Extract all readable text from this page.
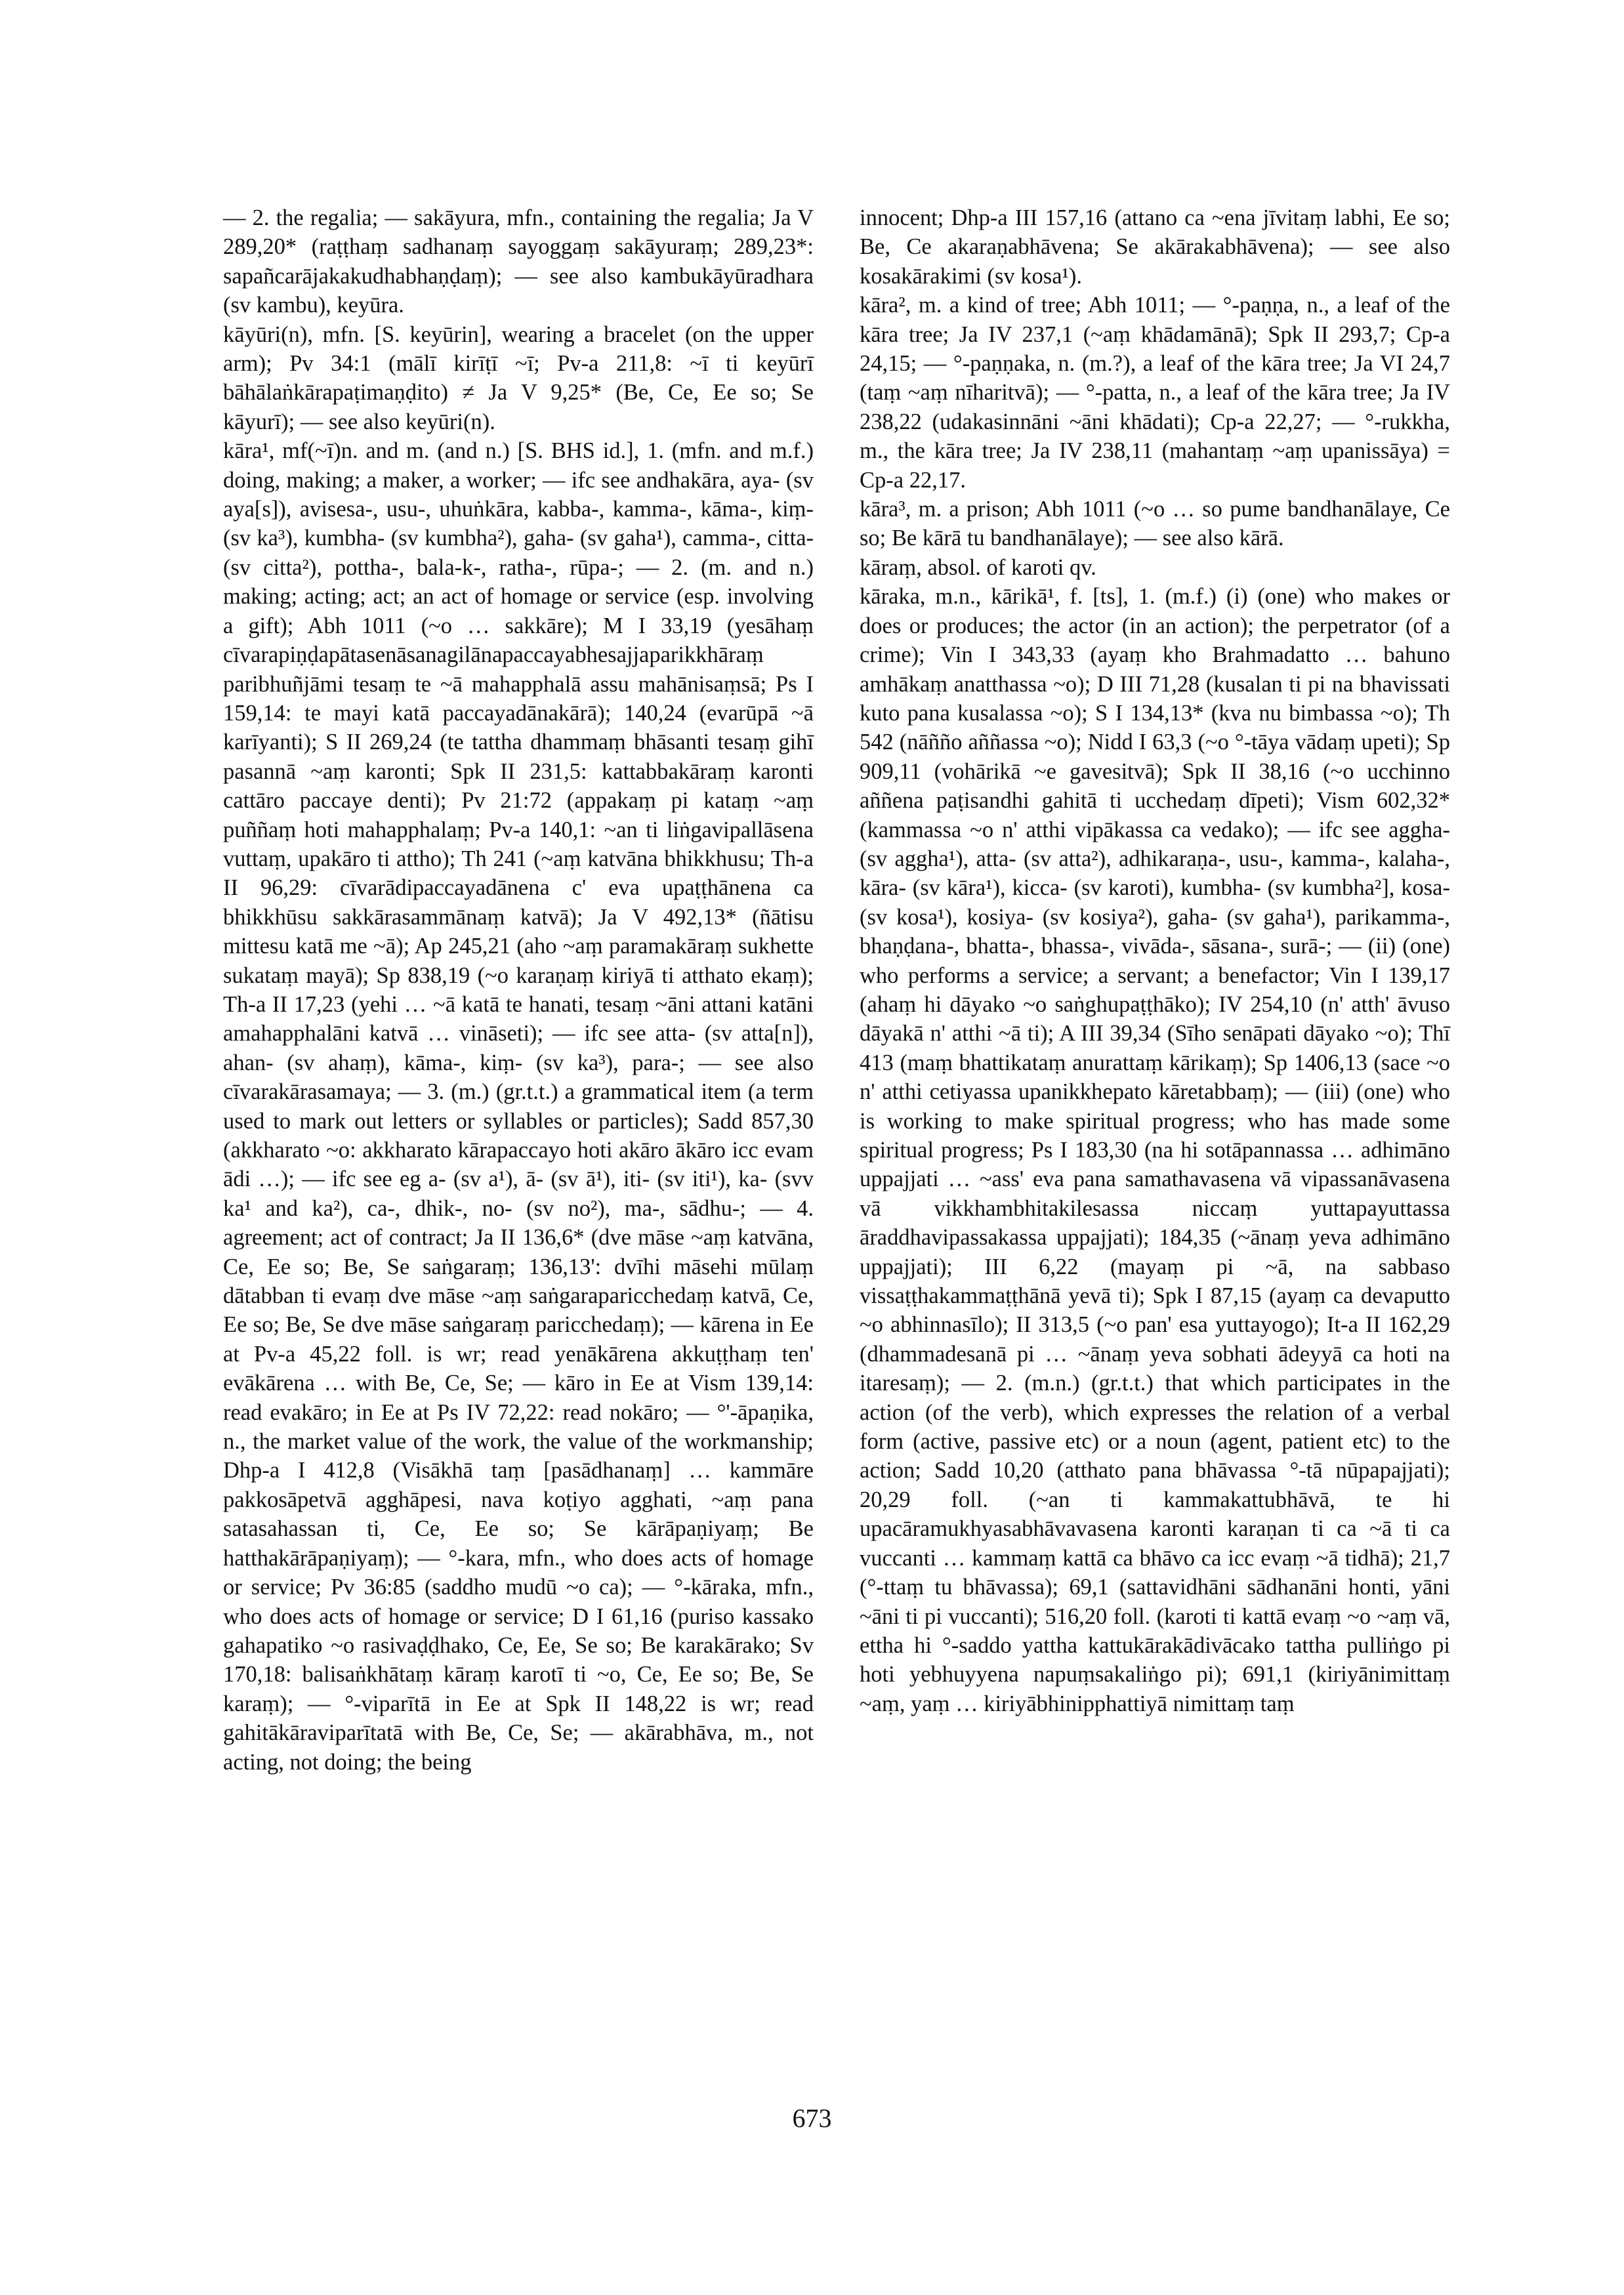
— 2. the regalia; — sakāyura, mfn., containing the regalia; Ja V 289,20* (raṭṭhaṃ sadhanaṃ sayoggaṃ sakāyuraṃ; 289,23*: sapañcarājakakudhabhaṇḍaṃ); — see also kambukāyūradhara (sv kambu), keyūra.

kāyūri(n), mfn. [S. keyūrin], wearing a bracelet (on the upper arm); Pv 34:1 (mālī kirīṭī ~ī; Pv-a 211,8: ~ī ti keyūrī bāhālaṅkārapaṭimaṇḍito) ≠ Ja V 9,25* (Be, Ce, Ee so; Se kāyurī); — see also keyūri(n).

kāra¹, mf(~ī)n. and m. (and n.) [S. BHS id.], 1. (mfn. and m.f.) doing, making; a maker, a worker; — ifc see andhakāra, aya- (sv aya[s]), avisesa-, usu-, uhuṅkāra, kabba-, kamma-, kāma-, kiṃ- (sv ka³), kumbha- (sv kumbha²), gaha- (sv gaha¹), camma-, citta- (sv citta²), pottha-, bala-k-, ratha-, rūpa-; — 2. (m. and n.) making; acting; act; an act of homage or service (esp. involving a gift); Abh 1011 (~o … sakkāre); M I 33,19 (yesāhaṃ cīvarapiṇḍapātasenāsanagilānapaccayabhesajjaparikkhāraṃ paribhuñjāmi tesaṃ te ~ā mahapphalā assu mahānisaṃsā; Ps I 159,14: te mayi katā paccayadānakārā); 140,24 (evarūpā ~ā karīyanti); S II 269,24 (te tattha dhammaṃ bhāsanti tesaṃ gihī pasannā ~aṃ karonti; Spk II 231,5: kattabbakāraṃ karonti cattāro paccaye denti); Pv 21:72 (appakaṃ pi kataṃ ~aṃ puññaṃ hoti mahapphalaṃ; Pv-a 140,1: ~an ti liṅgavipallāsena vuttaṃ, upakāro ti attho); Th 241 (~aṃ katvāna bhikkhusu; Th-a II 96,29: cīvarādipaccayadānena c' eva upaṭṭhānena ca bhikkhūsu sakkārasammānaṃ katvā); Ja V 492,13* (ñātisu mittesu katā me ~ā); Ap 245,21 (aho ~aṃ paramakāraṃ sukhette sukataṃ mayā); Sp 838,19 (~o karaṇaṃ kiriyā ti atthato ekaṃ); Th-a II 17,23 (yehi … ~ā katā te hanati, tesaṃ ~āni attani katāni amahapphalāni katvā … vināseti); — ifc see atta- (sv atta[n]), ahan- (sv ahaṃ), kāma-, kiṃ- (sv ka³), para-; — see also cīvarakārasamaya; — 3. (m.) (gr.t.t.) a grammatical item (a term used to mark out letters or syllables or particles); Sadd 857,30 (akkharato ~o: akkharato kārapaccayo hoti akāro ākāro icc evam ādi …); — ifc see eg a- (sv a¹), ā- (sv ā¹), iti- (sv iti¹), ka- (svv ka¹ and ka²), ca-, dhik-, no- (sv no²), ma-, sādhu-; — 4. agreement; act of contract; Ja II 136,6* (dve māse ~aṃ katvāna, Ce, Ee so; Be, Se saṅgaraṃ; 136,13': dvīhi māsehi mūlaṃ dātabban ti evaṃ dve māse ~aṃ saṅgaraparicchedaṃ katvā, Ce, Ee so; Be, Se dve māse saṅgaraṃ paricchedaṃ); — kārena in Ee at Pv-a 45,22 foll. is wr; read yenākārena akkuṭṭhaṃ ten' evākārena … with Be, Ce, Se; — kāro in Ee at Vism 139,14: read evakāro; in Ee at Ps IV 72,22: read nokāro; — °'-āpaṇika, n., the market value of the work, the value of the workmanship; Dhp-a I 412,8 (Visākhā taṃ [pasādhanaṃ] … kammāre pakkosāpetvā agghāpesi, nava koṭiyo agghati, ~aṃ pana satasahassan ti, Ce, Ee so; Se kārāpaṇiyaṃ; Be hatthakārāpaṇiyaṃ); — °-kara, mfn., who does acts of homage or service; Pv 36:85 (saddho mudū ~o ca); — °-kāraka, mfn., who does acts of homage or service; D I 61,16 (puriso kassako gahapatiko ~o rasivaḍḍhako, Ce, Ee, Se so; Be karakārako; Sv 170,18: balisaṅkhātaṃ kāraṃ karotī ti ~o, Ce, Ee so; Be, Se karaṃ); — °-viparītā in Ee at Spk II 148,22 is wr; read gahitākāraviparītatā with Be, Ce, Se; — akārabhāva, m., not acting, not doing; the being

innocent; Dhp-a III 157,16 (attano ca ~ena jīvitaṃ labhi, Ee so; Be, Ce akaraṇabhāvena; Se akārakabhāvena); — see also kosakārakimi (sv kosa¹).

kāra², m. a kind of tree; Abh 1011; — °-paṇṇa, n., a leaf of the kāra tree; Ja IV 237,1 (~aṃ khādamānā); Spk II 293,7; Cp-a 24,15; — °-paṇṇaka, n. (m.?), a leaf of the kāra tree; Ja VI 24,7 (taṃ ~aṃ nīharitvā); — °-patta, n., a leaf of the kāra tree; Ja IV 238,22 (udakasinnāni ~āni khādati); Cp-a 22,27; — °-rukkha, m., the kāra tree; Ja IV 238,11 (mahantaṃ ~aṃ upanissāya) = Cp-a 22,17.

kāra³, m. a prison; Abh 1011 (~o … so pume bandhanālaye, Ce so; Be kārā tu bandhanālaye); — see also kārā.

kāraṃ, absol. of karoti qv.

kāraka, m.n., kārikā¹, f. [ts], 1. (m.f.) (i) (one) who makes or does or produces; the actor (in an action); the perpetrator (of a crime); Vin I 343,33 (ayaṃ kho Brahmadatto … bahuno amhākaṃ anatthassa ~o); D III 71,28 (kusalan ti pi na bhavissati kuto pana kusalassa ~o); S I 134,13* (kva nu bimbassa ~o); Th 542 (nāñño aññassa ~o); Nidd I 63,3 (~o °-tāya vādaṃ upeti); Sp 909,11 (vohārikā ~e gavesitvā); Spk II 38,16 (~o ucchinno aññena paṭisandhi gahitā ti ucchedaṃ dīpeti); Vism 602,32* (kammassa ~o n' atthi vipākassa ca vedako); — ifc see aggha- (sv aggha¹), atta- (sv atta²), adhikaraṇa-, usu-, kamma-, kalaha-, kāra- (sv kāra¹), kicca- (sv karoti), kumbha- (sv kumbha²], kosa- (sv kosa¹), kosiya- (sv kosiya²), gaha- (sv gaha¹), parikamma-, bhaṇḍana-, bhatta-, bhassa-, vivāda-, sāsana-, surā-; — (ii) (one) who performs a service; a servant; a benefactor; Vin I 139,17 (ahaṃ hi dāyako ~o saṅghupaṭṭhāko); IV 254,10 (n' atth' āvuso dāyakā n' atthi ~ā ti); A III 39,34 (Sīho senāpati dāyako ~o); Thī 413 (maṃ bhattikataṃ anurattaṃ kārikaṃ); Sp 1406,13 (sace ~o n' atthi cetiyassa upanikkhepato kāretabbaṃ); — (iii) (one) who is working to make spiritual progress; who has made some spiritual progress; Ps I 183,30 (na hi sotāpannassa … adhimāno uppajjati … ~ass' eva pana samathavasena vā vipassanāvasena vā vikkhambhitakilesassa niccaṃ yuttapayuttassa āraddhavipassakassa uppajjati); 184,35 (~ānaṃ yeva adhimāno uppajjati); III 6,22 (mayaṃ pi ~ā, na sabbaso vissaṭṭhakammaṭṭhānā yevā ti); Spk I 87,15 (ayaṃ ca devaputto ~o abhinnasīlo); II 313,5 (~o pan' esa yuttayogo); It-a II 162,29 (dhammadesanā pi … ~ānaṃ yeva sobhati ādeyyā ca hoti na itaresaṃ); — 2. (m.n.) (gr.t.t.) that which participates in the action (of the verb), which expresses the relation of a verbal form (active, passive etc) or a noun (agent, patient etc) to the action; Sadd 10,20 (atthato pana bhāvassa °-tā nūpapajjati); 20,29 foll. (~an ti kammakattubhāvā, te hi upacāramukhyasabhāvavasena karonti karaṇan ti ca ~ā ti ca vuccanti … kammaṃ kattā ca bhāvo ca icc evaṃ ~ā tidhā); 21,7 (°-ttaṃ tu bhāvassa); 69,1 (sattavidhāni sādhanāni honti, yāni ~āni ti pi vuccanti); 516,20 foll. (karoti ti kattā evaṃ ~o ~aṃ vā, ettha hi °-saddo yattha kattukārakādivācako tattha pulliṅgo pi hoti yebhuyyena napuṃsakaliṅgo pi); 691,1 (kiriyānimittaṃ ~aṃ, yaṃ … kiriyābhinipphattiyā nimittaṃ taṃ

673
